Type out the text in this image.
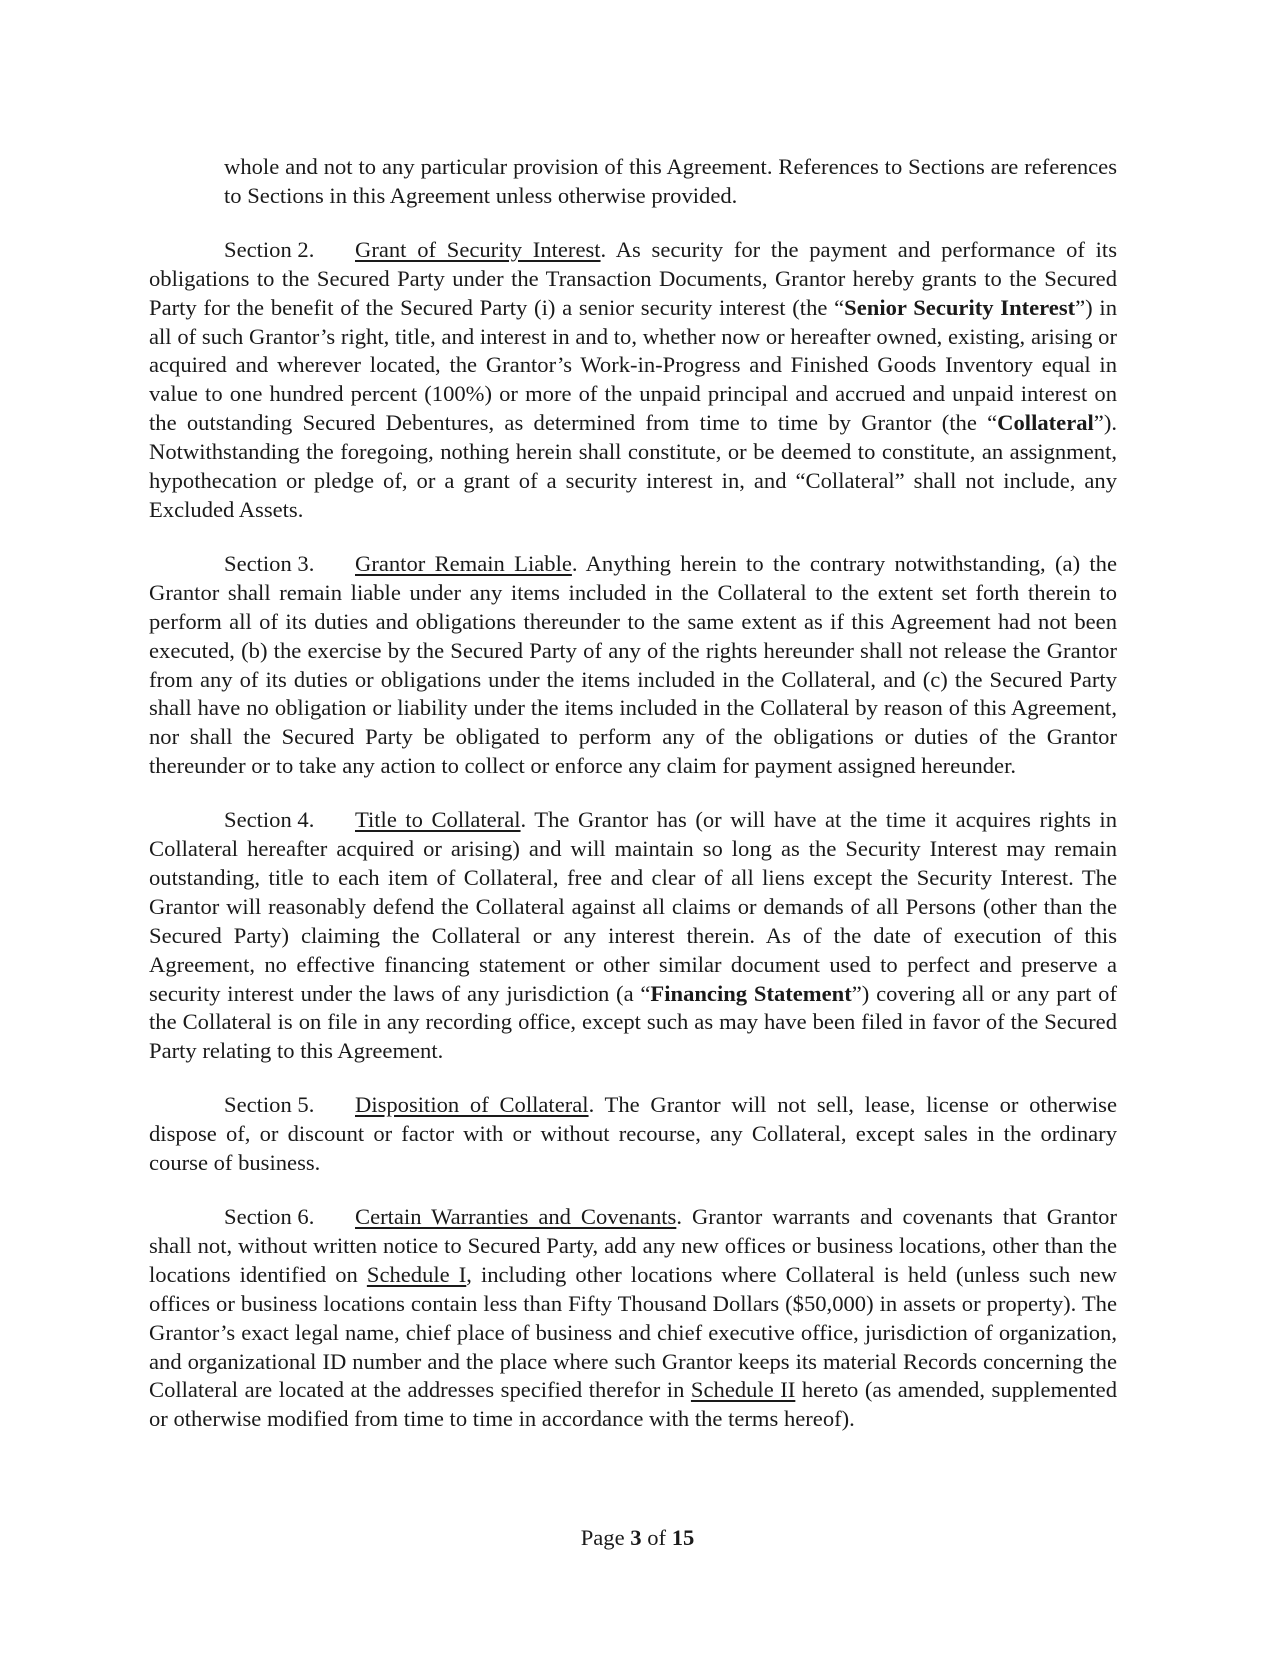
whole and not to any particular provision of this Agreement. References to Sections are references to Sections in this Agreement unless otherwise provided.

Section 2. Grant of Security Interest. As security for the payment and performance of its obligations to the Secured Party under the Transaction Documents, Grantor hereby grants to the Secured Party for the benefit of the Secured Party (i) a senior security interest (the “Senior Security Interest”) in all of such Grantor’s right, title, and interest in and to, whether now or hereafter owned, existing, arising or acquired and wherever located, the Grantor’s Work-in-Progress and Finished Goods Inventory equal in value to one hundred percent (100%) or more of the unpaid principal and accrued and unpaid interest on the outstanding Secured Debentures, as determined from time to time by Grantor (the “Collateral”). Notwithstanding the foregoing, nothing herein shall constitute, or be deemed to constitute, an assignment, hypothecation or pledge of, or a grant of a security interest in, and “Collateral” shall not include, any Excluded Assets.

Section 3. Grantor Remain Liable. Anything herein to the contrary notwithstanding, (a) the Grantor shall remain liable under any items included in the Collateral to the extent set forth therein to perform all of its duties and obligations thereunder to the same extent as if this Agreement had not been executed, (b) the exercise by the Secured Party of any of the rights hereunder shall not release the Grantor from any of its duties or obligations under the items included in the Collateral, and (c) the Secured Party shall have no obligation or liability under the items included in the Collateral by reason of this Agreement, nor shall the Secured Party be obligated to perform any of the obligations or duties of the Grantor thereunder or to take any action to collect or enforce any claim for payment assigned hereunder.

Section 4. Title to Collateral. The Grantor has (or will have at the time it acquires rights in Collateral hereafter acquired or arising) and will maintain so long as the Security Interest may remain outstanding, title to each item of Collateral, free and clear of all liens except the Security Interest. The Grantor will reasonably defend the Collateral against all claims or demands of all Persons (other than the Secured Party) claiming the Collateral or any interest therein. As of the date of execution of this Agreement, no effective financing statement or other similar document used to perfect and preserve a security interest under the laws of any jurisdiction (a “Financing Statement”) covering all or any part of the Collateral is on file in any recording office, except such as may have been filed in favor of the Secured Party relating to this Agreement.

Section 5. Disposition of Collateral. The Grantor will not sell, lease, license or otherwise dispose of, or discount or factor with or without recourse, any Collateral, except sales in the ordinary course of business.

Section 6. Certain Warranties and Covenants. Grantor warrants and covenants that Grantor shall not, without written notice to Secured Party, add any new offices or business locations, other than the locations identified on Schedule I, including other locations where Collateral is held (unless such new offices or business locations contain less than Fifty Thousand Dollars ($50,000) in assets or property). The Grantor’s exact legal name, chief place of business and chief executive office, jurisdiction of organization, and organizational ID number and the place where such Grantor keeps its material Records concerning the Collateral are located at the addresses specified therefor in Schedule II hereto (as amended, supplemented or otherwise modified from time to time in accordance with the terms hereof).

Page 3 of 15
